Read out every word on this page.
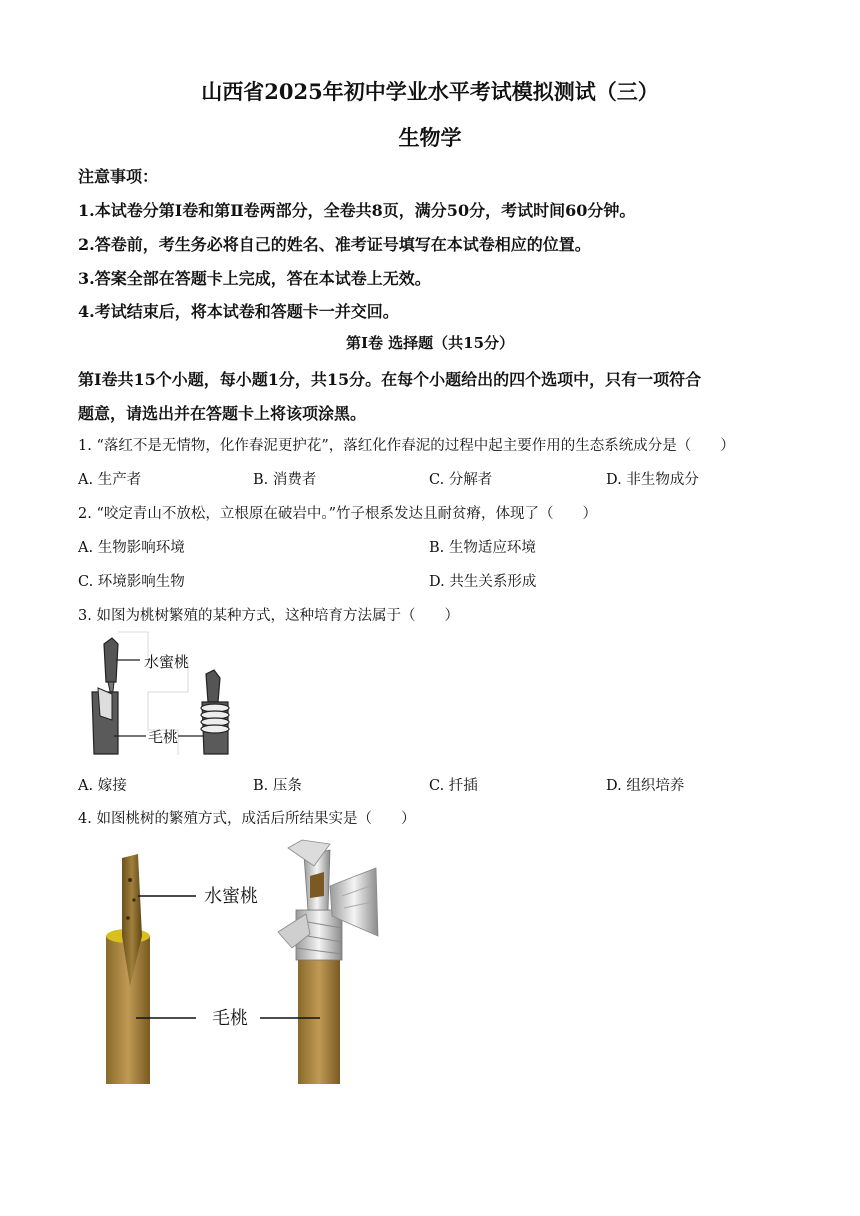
山西省2025年初中学业水平考试模拟测试（三）
生物学
注意事项：
1.本试卷分第Ⅰ卷和第Ⅱ卷两部分，全卷共8页，满分50分，考试时间60分钟。
2.答卷前，考生务必将自己的姓名、准考证号填写在本试卷相应的位置。
3.答案全部在答题卡上完成，答在本试卷上无效。
4.考试结束后，将本试卷和答题卡一并交回。
第Ⅰ卷 选择题（共15分）
第Ⅰ卷共15个小题，每小题1分，共15分。在每个小题给出的四个选项中，只有一项符合
题意，请选出并在答题卡上将该项涂黑。
1. “落红不是无情物，化作春泥更护花”，落红化作春泥的过程中起主要作用的生态系统成分是（　　）
A. 生产者	B. 消费者	C. 分解者	D. 非生物成分
2. “咬定青山不放松，立根原在破岩中。”竹子根系发达且耐贫瘠，体现了（　　）
A. 生物影响环境	B. 生物适应环境
C. 环境影响生物	D. 共生关系形成
3. 如图为桃树繁殖的某种方式，这种培育方法属于（　　）
水蜜桃
毛桃
A. 嫁接	B. 压条	C. 扦插	D. 组织培养
4. 如图桃树的繁殖方式，成活后所结果实是（　　）
水蜜桃
毛桃
